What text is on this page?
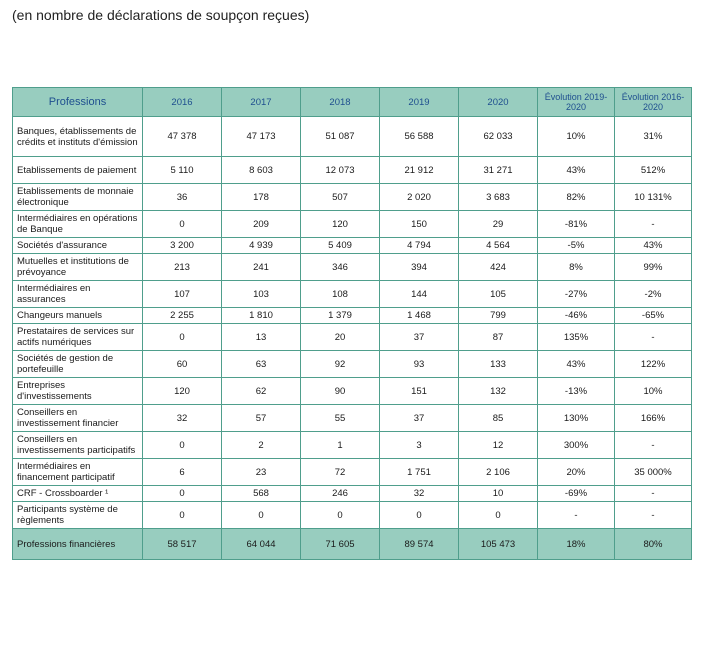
(en nombre de déclarations de soupçon reçues)
Professions	2016	2017	2018	2019	2020	Évolution 2019-2020	Évolution 2016-2020
Banques, établissements de crédits et instituts d'émission	47 378	47 173	51 087	56 588	62 033	10%	31%
Etablissements de paiement	5 110	8 603	12 073	21 912	31 271	43%	512%
Etablissements de monnaie électronique	36	178	507	2 020	3 683	82%	10 131%
Intermédiaires en opérations de Banque	0	209	120	150	29	-81%	-
Sociétés d'assurance	3 200	4 939	5 409	4 794	4 564	-5%	43%
Mutuelles et institutions de prévoyance	213	241	346	394	424	8%	99%
Intermédiaires en assurances	107	103	108	144	105	-27%	-2%
Changeurs manuels	2 255	1 810	1 379	1 468	799	-46%	-65%
Prestataires de services sur actifs numériques	0	13	20	37	87	135%	-
Sociétés de gestion de portefeuille	60	63	92	93	133	43%	122%
Entreprises d'investissements	120	62	90	151	132	-13%	10%
Conseillers en investissement financier	32	57	55	37	85	130%	166%
Conseillers en investissements participatifs	0	2	1	3	12	300%	-
Intermédiaires en financement participatif	6	23	72	1 751	2 106	20%	35 000%
CRF - Crossboarder ¹	0	568	246	32	10	-69%	-
Participants système de règlements	0	0	0	0	0	-	-
Professions financières	58 517	64 044	71 605	89 574	105 473	18%	80%
